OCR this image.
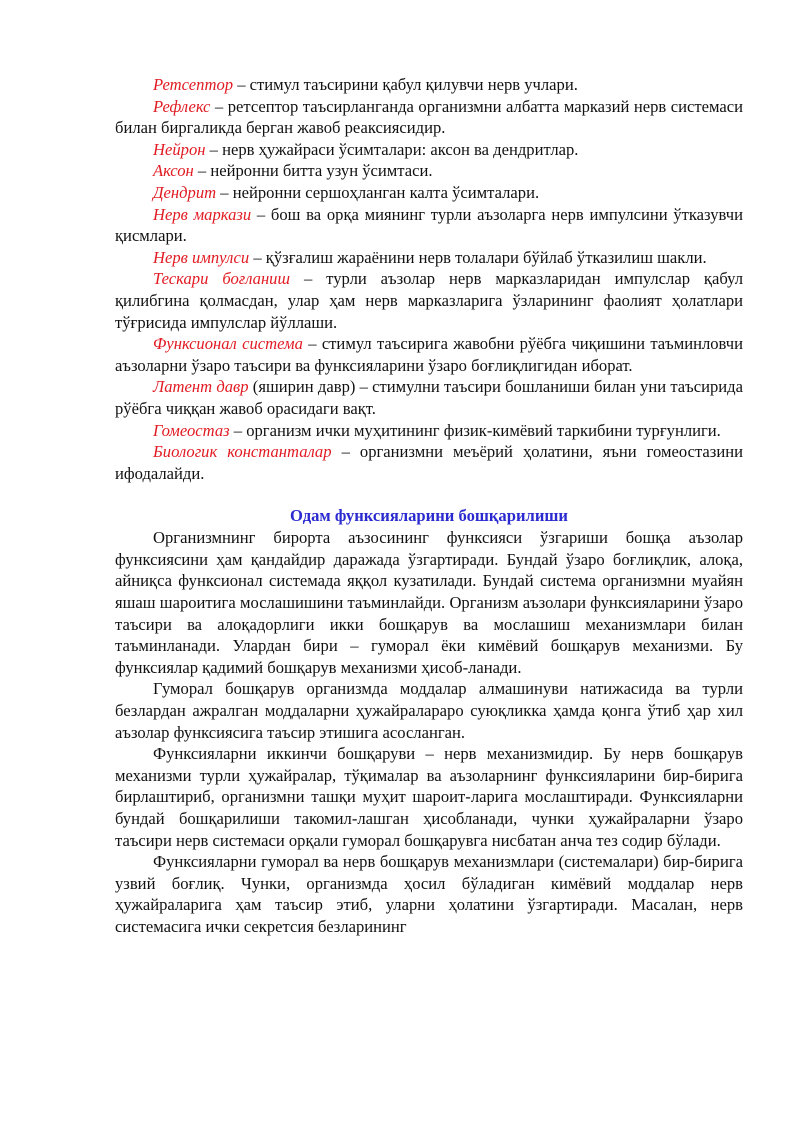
Ретсептор – стимул таъсирини қабул қилувчи нерв учлари.

Рефлекс – ретсептор таъсирланганда организмни албатта марказий нерв системаси билан биргаликда берган жавоб реаксиясидир.

Нейрон – нерв ҳужайраси ўсимталари: аксон ва дендритлар.

Аксон – нейронни битта узун ўсимтаси.

Дендрит – нейронни сершоҳланган калта ўсимталари.

Нерв маркази – бош ва орқа миянинг турли аъзоларга нерв импулсини ўтказувчи қисмлари.

Нерв импулси – қўзғалиш жараёнини нерв толалари бўйлаб ўтказилиш шакли.

Тескари боғланиш – турли аъзолар нерв марказларидан импулслар қабул қилибгина қолмасдан, улар ҳам нерв марказларига ўзларининг фаолият ҳолатлари тўғрисида импулслар йўллаши.

Функсионал система – стимул таъсирига жавобни рўёбга чиқишини таъминловчи аъзоларни ўзаро таъсири ва функсияларини ўзаро боғлиқлигидан иборат.

Латент давр (яширин давр) – стимулни таъсири бошланиши билан уни таъсирида рўёбга чиққан жавоб орасидаги вақт.

Гомеостаз – организм ички муҳитининг физик-кимёвий таркибини турғунлиги.

Биологик константалар – организмни меъёрий ҳолатини, яъни гомеостазини ифодалайди.

Одам функсияларини бошқарилиши

Организмнинг бирорта аъзосининг функсияси ўзгариши бошқа аъзолар функсиясини ҳам қандайдир даражада ўзгартиради. Бундай ўзаро боғлиқлик, алоқа, айниқса функсионал системада яққол кузатилади. Бундай система организмни муайян яшаш шароитига мослашишини таъминлайди. Организм аъзолари функсияларини ўзаро таъсири ва алоқадорлиги икки бошқарув ва мослашиш механизмлари билан таъминланади. Улардан бири – гуморал ёки кимёвий бошқарув механизми. Бу функсиялар қадимий бошқарув механизми ҳисоб-ланади.

Гуморал бошқарув организмда моддалар алмашинуви натижасида ва турли безлардан ажралган моддаларни ҳужайралараро суюқликка ҳамда қонга ўтиб ҳар хил аъзолар функсиясига таъсир этишига асосланган.

Функсияларни иккинчи бошқаруви – нерв механизмидир. Бу нерв бошқарув механизми турли ҳужайралар, тўқималар ва аъзоларнинг функсияларини бир-бирига бирлаштириб, организмни ташқи муҳит шароит-ларига мослаштиради. Функсияларни бундай бошқарилиши такомил-лашган ҳисобланади, чунки ҳужайраларни ўзаро таъсири нерв системаси орқали гуморал бошқарувга нисбатан анча тез содир бўлади.

Функсияларни гуморал ва нерв бошқарув механизмлари (системалари) бир-бирига узвий боғлиқ. Чунки, организмда ҳосил бўладиган кимёвий моддалар нерв ҳужайраларига ҳам таъсир этиб, уларни ҳолатини ўзгартиради. Масалан, нерв системасига ички секретсия безларининг
